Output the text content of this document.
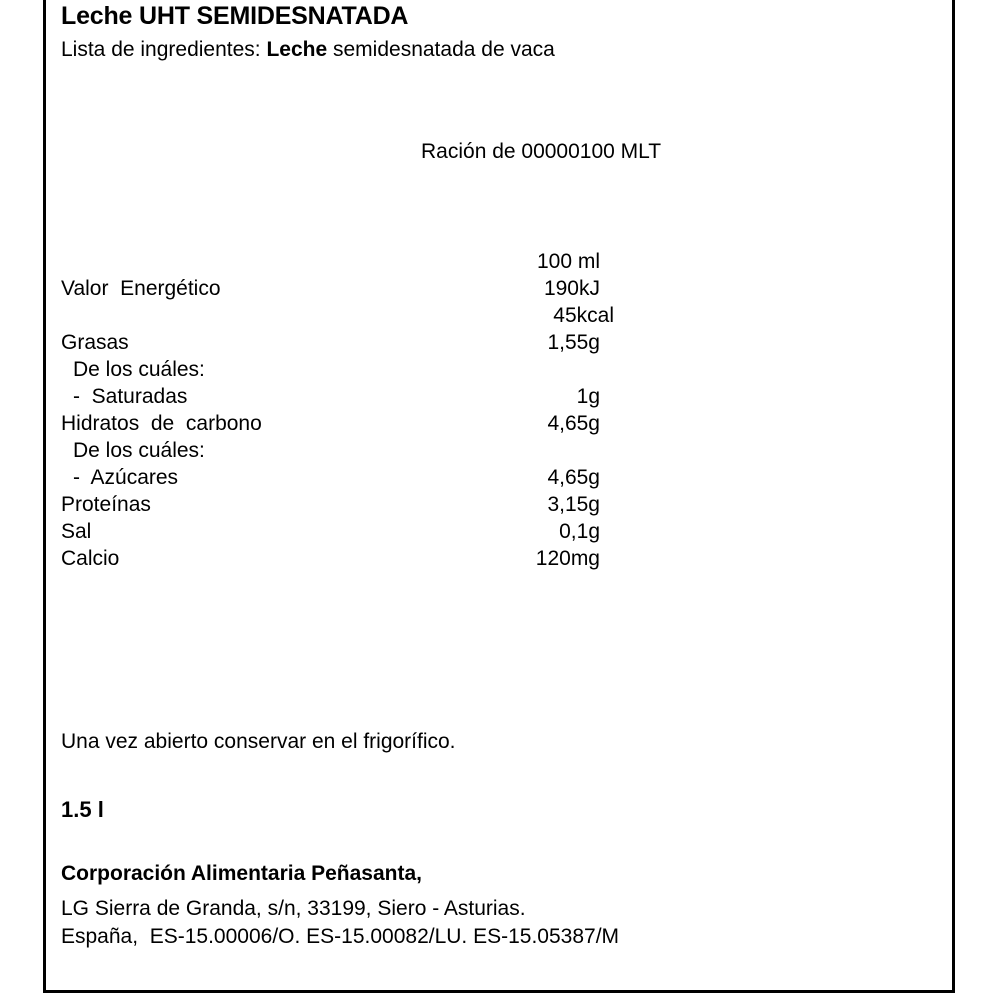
Leche UHT SEMIDESNATADA
Lista de ingredientes: Leche semidesnatada de vaca
Ración de 00000100 MLT
100 ml
Valor  Energético	190kJ
45kcal
Grasas	1,55g
De los cuáles:
-  Saturadas	1g
Hidratos  de  carbono	4,65g
De los cuáles:
-  Azúcares	4,65g
Proteínas	3,15g
Sal	0,1g
Calcio	120mg
Una vez abierto conservar en el frigorífico.
1.5 l
Corporación Alimentaria Peñasanta,
LG Sierra de Granda, s/n, 33199, Siero - Asturias.
España,  ES-15.00006/O. ES-15.00082/LU. ES-15.05387/M
